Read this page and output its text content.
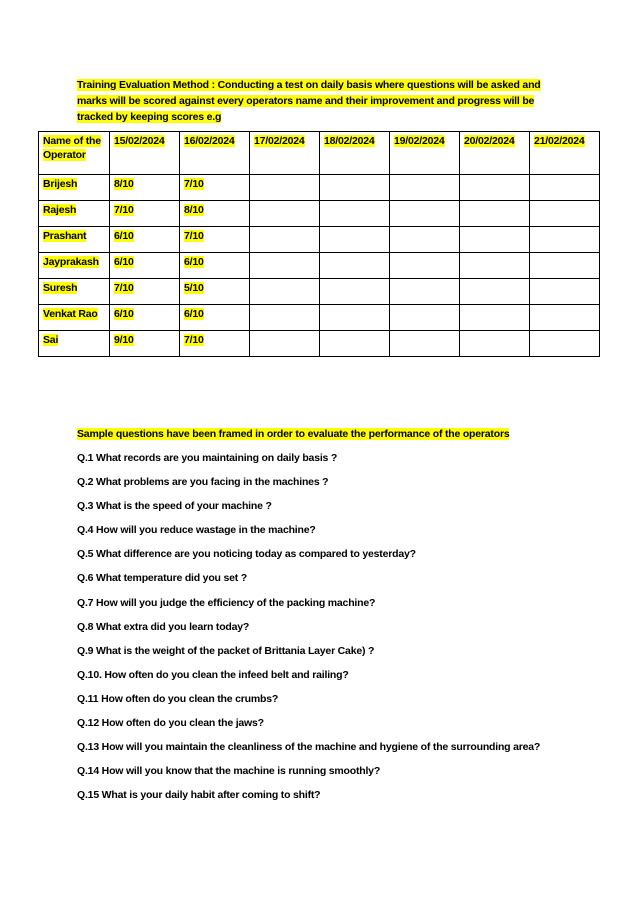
Training Evaluation Method : Conducting a test on daily basis where questions will be asked and marks will be scored against every operators name and their improvement and progress will be tracked by keeping scores e.g
Name of the Operator	15/02/2024	16/02/2024	17/02/2024	18/02/2024	19/02/2024	20/02/2024	21/02/2024
Brijesh	8/10	7/10					
Rajesh	7/10	8/10					
Prashant	6/10	7/10					
Jayprakash	6/10	6/10					
Suresh	7/10	5/10					
Venkat Rao	6/10	6/10					
Sai	9/10	7/10					
Sample questions have been framed in order to evaluate the performance of the operators
Q.1 What records are you maintaining on daily basis ?
Q.2 What problems are you facing in the machines ?
Q.3 What is the speed of your machine ?
Q.4 How will you reduce wastage in the machine?
Q.5 What difference are you noticing today as compared to yesterday?
Q.6 What temperature did you set ?
Q.7 How will you judge the efficiency of the packing machine?
Q.8 What extra did you learn today?
Q.9 What is the weight of the packet of Brittania Layer Cake) ?
Q.10. How often do you clean the infeed belt and railing?
Q.11 How often do you clean the crumbs?
Q.12 How often do you clean the jaws?
Q.13 How will you maintain the cleanliness of the machine and hygiene of the surrounding area?
Q.14 How will you know that the machine is running smoothly?
Q.15 What is your daily habit after coming to shift?
